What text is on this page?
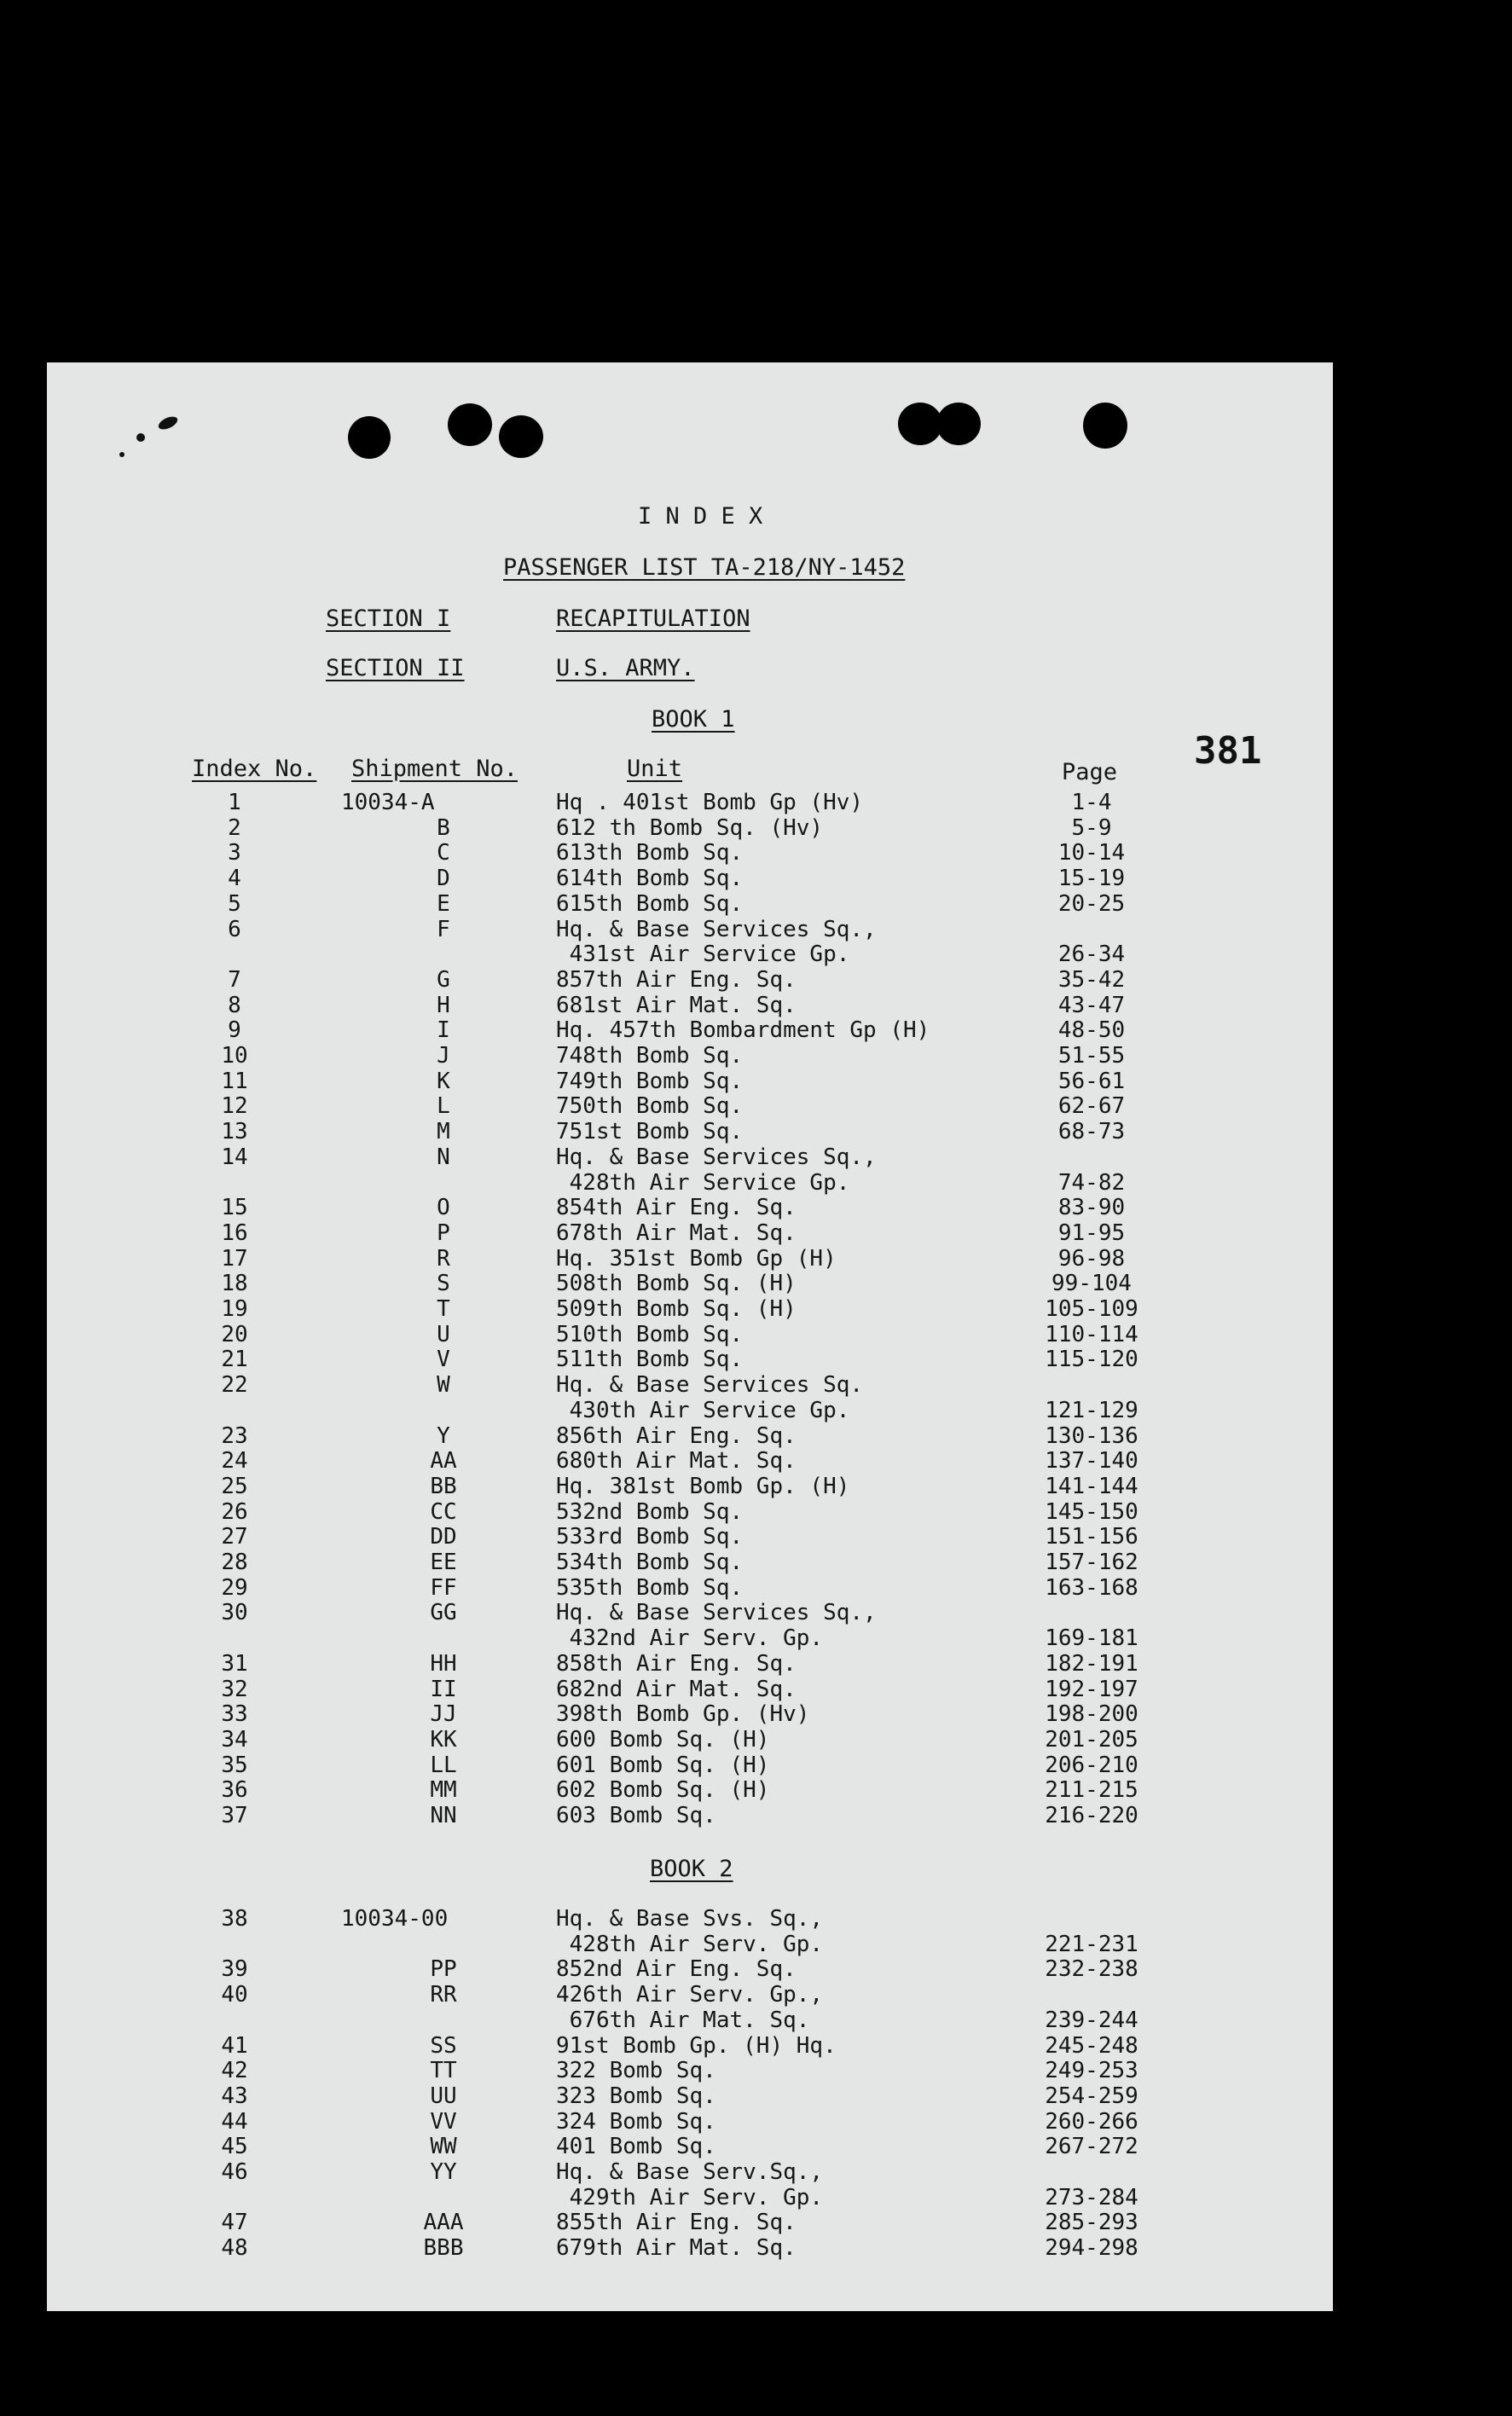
I N D E X
PASSENGER LIST TA-218/NY-1452
SECTION I	RECAPITULATION
SECTION II	U.S. ARMY.
BOOK 1
381
Index No. Shipment No.	Unit	Page
1	10034-A	Hq . 401st Bomb Gp (Hv)	1-4
2	B	612 th Bomb Sq. (Hv)	5-9
3	C	613th Bomb Sq.	10-14
4	D	614th Bomb Sq.	15-19
5	E	615th Bomb Sq.	20-25
6	F	Hq. & Base Services Sq.,
431st Air Service Gp.	26-34
7	G	857th Air Eng. Sq.	35-42
8	H	681st Air Mat. Sq.	43-47
9	I	Hq. 457th Bombardment Gp (H)	48-50
10	J	748th Bomb Sq.	51-55
11	K	749th Bomb Sq.	56-61
12	L	750th Bomb Sq.	62-67
13	M	751st Bomb Sq.	68-73
14	N	Hq. & Base Services Sq.,
428th Air Service Gp.	74-82
15	O	854th Air Eng. Sq.	83-90
16	P	678th Air Mat. Sq.	91-95
17	R	Hq. 351st Bomb Gp (H)	96-98
18	S	508th Bomb Sq. (H)	99-104
19	T	509th Bomb Sq. (H)	105-109
20	U	510th Bomb Sq.	110-114
21	V	511th Bomb Sq.	115-120
22	W	Hq. & Base Services Sq.
430th Air Service Gp.	121-129
23	Y	856th Air Eng. Sq.	130-136
24	AA	680th Air Mat. Sq.	137-140
25	BB	Hq. 381st Bomb Gp. (H)	141-144
26	CC	532nd Bomb Sq.	145-150
27	DD	533rd Bomb Sq.	151-156
28	EE	534th Bomb Sq.	157-162
29	FF	535th Bomb Sq.	163-168
30	GG	Hq. & Base Services Sq.,
432nd Air Serv. Gp.	169-181
31	HH	858th Air Eng. Sq.	182-191
32	II	682nd Air Mat. Sq.	192-197
33	JJ	398th Bomb Gp. (Hv)	198-200
34	KK	600 Bomb Sq. (H)	201-205
35	LL	601 Bomb Sq. (H)	206-210
36	MM	602 Bomb Sq. (H)	211-215
37	NN	603 Bomb Sq.	216-220
BOOK 2
38	10034-00	Hq. & Base Svs. Sq.,
428th Air Serv. Gp.	221-231
39	PP	852nd Air Eng. Sq.	232-238
40	RR	426th Air Serv. Gp.,
676th Air Mat. Sq.	239-244
41	SS	91st Bomb Gp. (H) Hq.	245-248
42	TT	322 Bomb Sq.	249-253
43	UU	323 Bomb Sq.	254-259
44	VV	324 Bomb Sq.	260-266
45	WW	401 Bomb Sq.	267-272
46	YY	Hq. & Base Serv.Sq.,
429th Air Serv. Gp.	273-284
47	AAA	855th Air Eng. Sq.	285-293
48	BBB	679th Air Mat. Sq.	294-298
